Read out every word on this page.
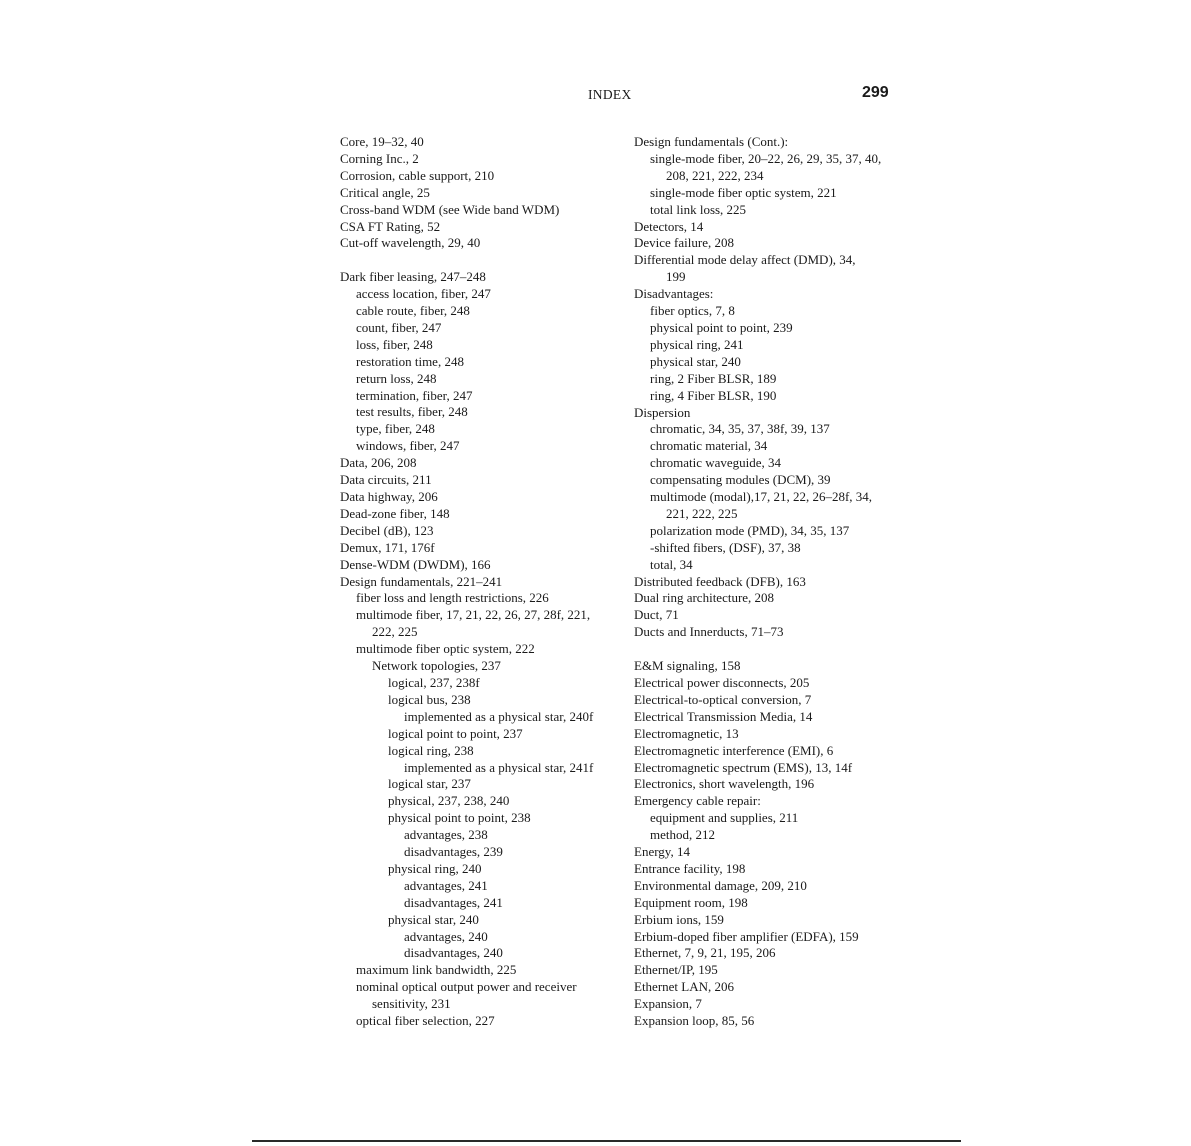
INDEX	299
Core, 19–32, 40
Corning Inc., 2
Corrosion, cable support, 210
Critical angle, 25
Cross-band WDM (see Wide band WDM)
CSA FT Rating, 52
Cut-off wavelength, 29, 40
Dark fiber leasing, 247–248
access location, fiber, 247
cable route, fiber, 248
count, fiber, 247
loss, fiber, 248
restoration time, 248
return loss, 248
termination, fiber, 247
test results, fiber, 248
type, fiber, 248
windows, fiber, 247
Data, 206, 208
Data circuits, 211
Data highway, 206
Dead-zone fiber, 148
Decibel (dB), 123
Demux, 171, 176f
Dense-WDM (DWDM), 166
Design fundamentals, 221–241
fiber loss and length restrictions, 226
multimode fiber, 17, 21, 22, 26, 27, 28f, 221,
222, 225
multimode fiber optic system, 222
Network topologies, 237
logical, 237, 238f
logical bus, 238
implemented as a physical star, 240f
logical point to point, 237
logical ring, 238
implemented as a physical star, 241f
logical star, 237
physical, 237, 238, 240
physical point to point, 238
advantages, 238
disadvantages, 239
physical ring, 240
advantages, 241
disadvantages, 241
physical star, 240
advantages, 240
disadvantages, 240
maximum link bandwidth, 225
nominal optical output power and receiver
sensitivity, 231
optical fiber selection, 227
Design fundamentals (Cont.):
single-mode fiber, 20–22, 26, 29, 35, 37, 40,
208, 221, 222, 234
single-mode fiber optic system, 221
total link loss, 225
Detectors, 14
Device failure, 208
Differential mode delay affect (DMD), 34,
199
Disadvantages:
fiber optics, 7, 8
physical point to point, 239
physical ring, 241
physical star, 240
ring, 2 Fiber BLSR, 189
ring, 4 Fiber BLSR, 190
Dispersion
chromatic, 34, 35, 37, 38f, 39, 137
chromatic material, 34
chromatic waveguide, 34
compensating modules (DCM), 39
multimode (modal),17, 21, 22, 26–28f, 34,
221, 222, 225
polarization mode (PMD), 34, 35, 137
-shifted fibers, (DSF), 37, 38
total, 34
Distributed feedback (DFB), 163
Dual ring architecture, 208
Duct, 71
Ducts and Innerducts, 71–73
E&M signaling, 158
Electrical power disconnects, 205
Electrical-to-optical conversion, 7
Electrical Transmission Media, 14
Electromagnetic, 13
Electromagnetic interference (EMI), 6
Electromagnetic spectrum (EMS), 13, 14f
Electronics, short wavelength, 196
Emergency cable repair:
equipment and supplies, 211
method, 212
Energy, 14
Entrance facility, 198
Environmental damage, 209, 210
Equipment room, 198
Erbium ions, 159
Erbium-doped fiber amplifier (EDFA), 159
Ethernet, 7, 9, 21, 195, 206
Ethernet/IP, 195
Ethernet LAN, 206
Expansion, 7
Expansion loop, 85, 56
